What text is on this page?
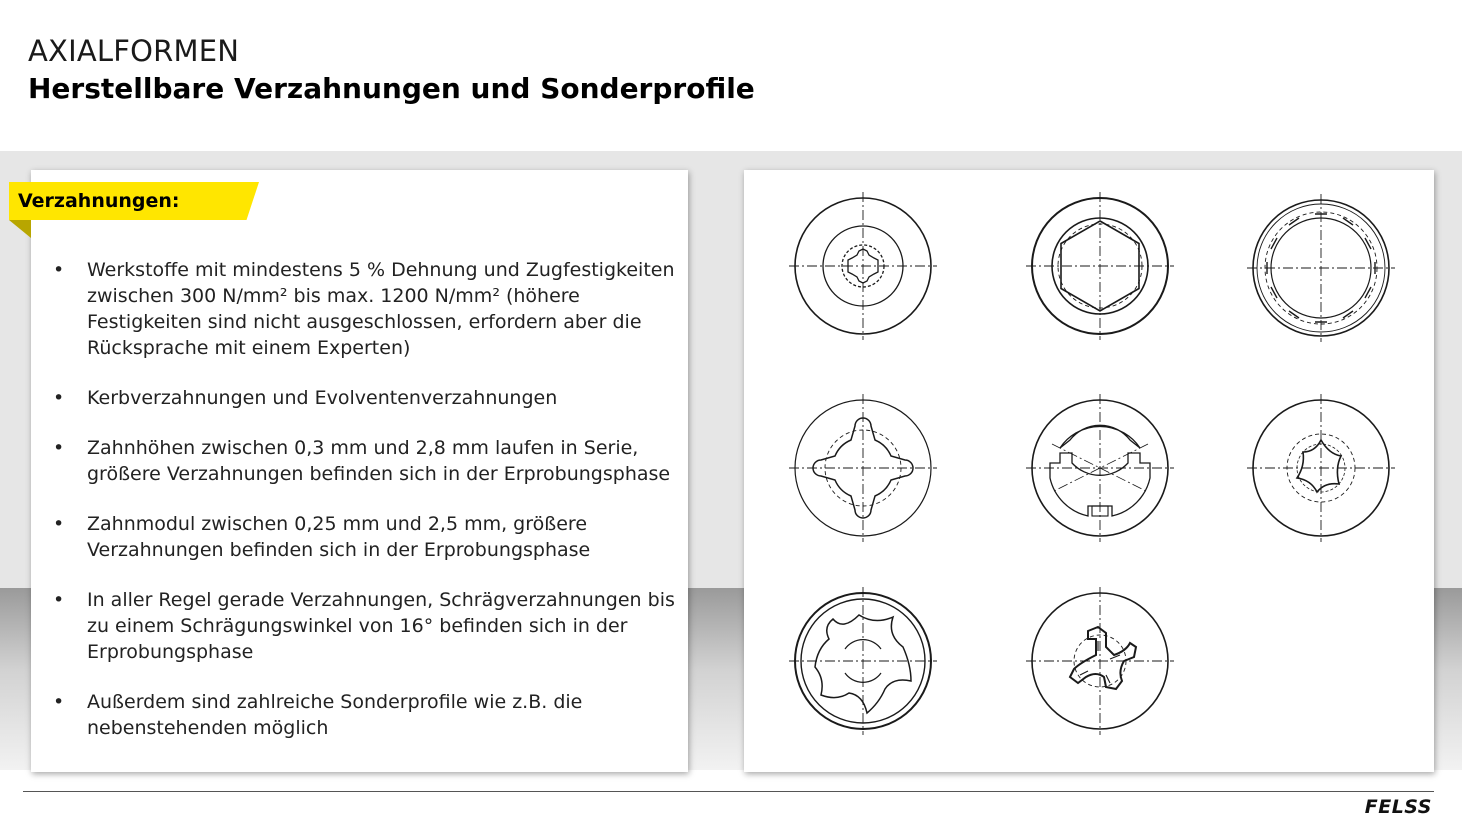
AXIALFORMEN
Herstellbare Verzahnungen und Sonderprofile
Verzahnungen:
• Werkstoffe mit mindestens 5 % Dehnung und Zugfestigkeiten zwischen 300 N/mm² bis max. 1200 N/mm² (höhere Festigkeiten sind nicht ausgeschlossen, erfordern aber die Rücksprache mit einem Experten)
• Kerbverzahnungen und Evolventenverzahnungen
• Zahnhöhen zwischen 0,3 mm und 2,8 mm laufen in Serie, größere Verzahnungen befinden sich in der Erprobungsphase
• Zahnmodul zwischen 0,25 mm und 2,5 mm, größere Verzahnungen befinden sich in der Erprobungsphase
• In aller Regel gerade Verzahnungen, Schrägverzahnungen bis zu einem Schrägungswinkel von 16° befinden sich in der Erprobungsphase
• Außerdem sind zahlreiche Sonderprofile wie z.B. die nebenstehenden möglich
FELSS
